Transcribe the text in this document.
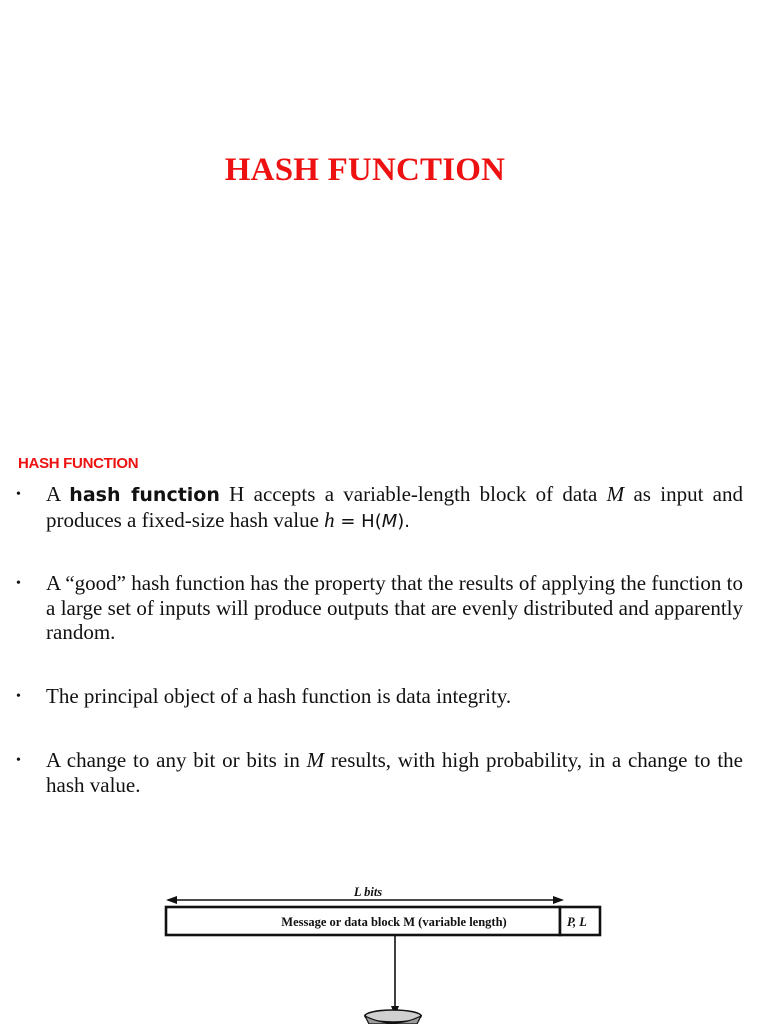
HASH FUNCTION
HASH FUNCTION
• A hash function H accepts a variable-length block of data M as input and produces a fixed-size hash value h = H(M).
• A “good” hash function has the property that the results of applying the function to a large set of inputs will produce outputs that are evenly distributed and apparently random.
• The principal object of a hash function is data integrity.
• A change to any bit or bits in M results, with high probability, in a change to the hash value.
L bits
Message or data block M (variable length)	P, L
